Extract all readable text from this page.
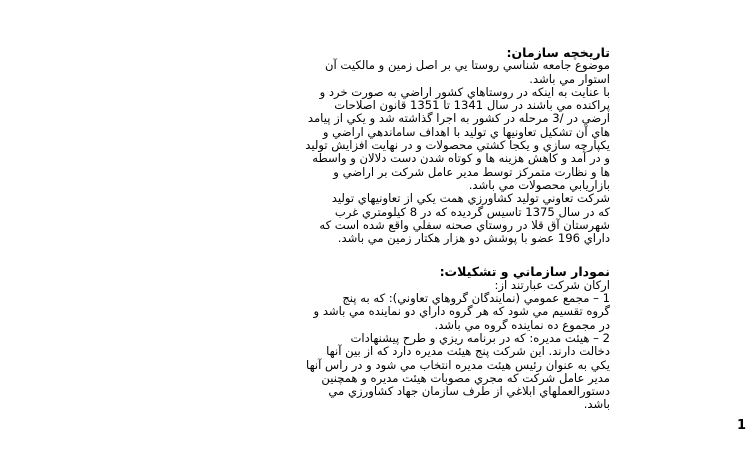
تاریخچه سازمان:

موضوع جامعه شناسي روستا يي بر اصل زمين و مالكيت آن
استوار مي باشد.
با عنايت به اينكه در روستاهاي كشور اراضي به صورت خرد و
پراكنده مي باشند در سال 1341 تا 1351 قانون اصلاحات
ارضي در /3 مرحله در كشور به اجرا گذاشته شد و يكي از پيامد
هاي آن تشكيل تعاونيها ي توليد با اهداف ساماندهي اراضي و
يكپارچه سازي و يكجا كشتي محصولات و در نهايت افزايش توليد
و در آمد و كاهش هزينه ها و كوتاه شدن دست دلالان و واسطه
ها و نظارت متمركز توسط مدير عامل شركت بر اراضي و
بازاريابي محصولات مي باشد.
شركت تعاوني توليد كشاورزي همت يكي از تعاونيهاي توليد
كه در سال 1375 تاسيس گرديده كه در 8 كيلومتري غرب
شهرستان آق قلا در روستاي صحنه سفلي واقع شده است كه
داراي 196 عضو با پوشش دو هزار هكتار زمين مي باشد.

نمودار سازماني و تشكيلات:

اركان شركت عبارتند از:
1 – مجمع عمومي (نمايندگان گروهاي تعاوني): كه به پنج
گروه تقسيم مي شود كه هر گروه داراي دو نماينده مي باشد و
در مجموع ده نماينده گروه مي باشد.
2 – هيئت مديره: كه در برنامه ريزي و طرح پيشنهادات
دخالت دارند. اين شركت پنج هيئت مديره دارد كه از بين آنها
يكي به عنوان رئيس هيئت مديره انتخاب مي شود و در راس آنها
مدير عامل شركت كه مجري مصوبات هيئت مديره و همچنين
دستورالعملهاي ابلاغي از طرف سازمان جهاد كشاورزي مي
باشد.
1
